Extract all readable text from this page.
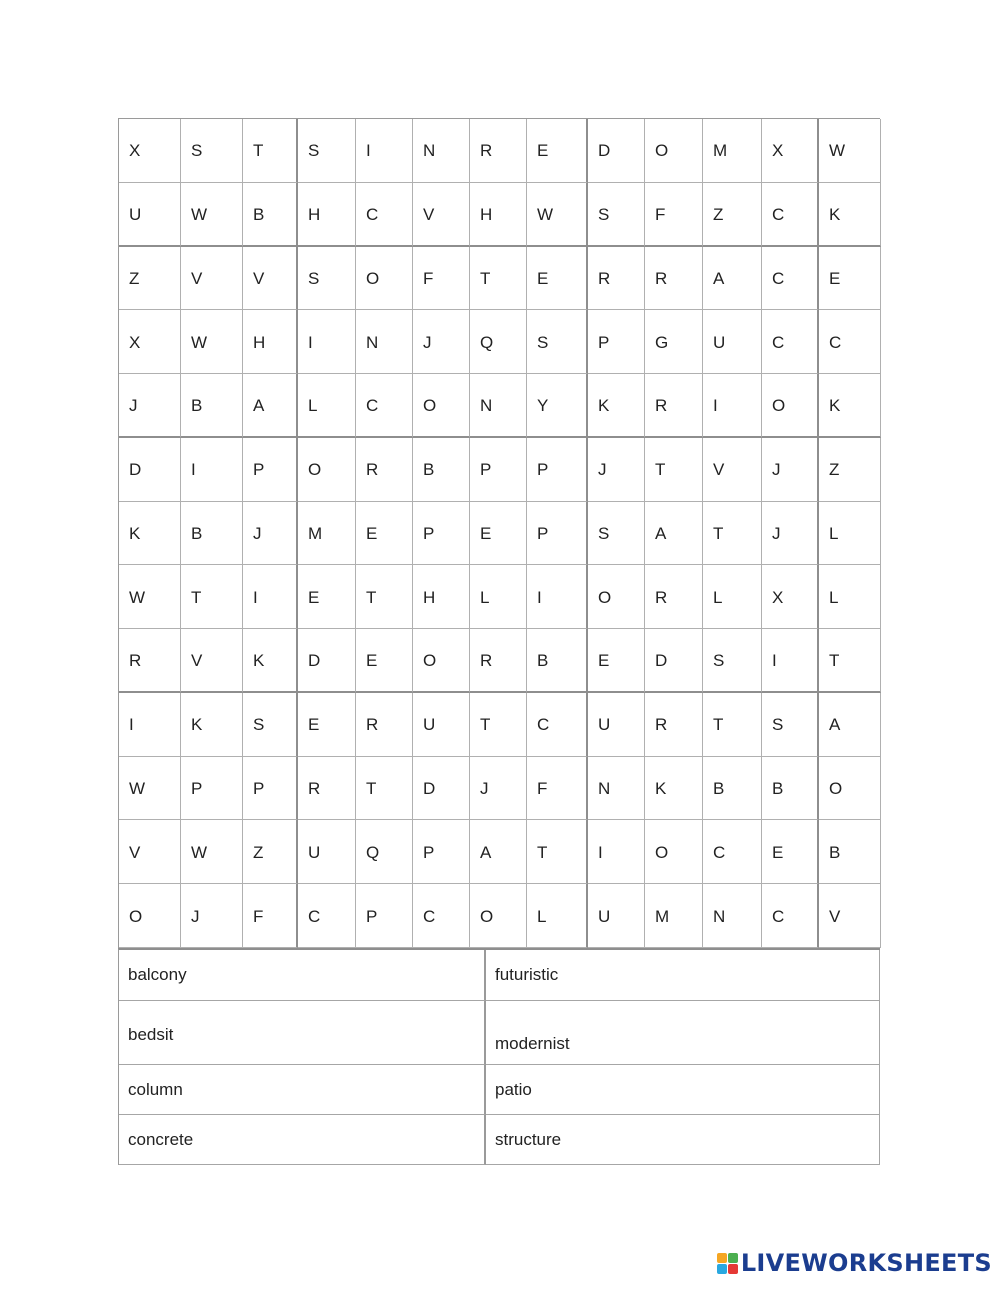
X	S	T	S	I	N	R	E	D	O	M	X	W
U	W	B	H	C	V	H	W	S	F	Z	C	K
Z	V	V	S	O	F	T	E	R	R	A	C	E
X	W	H	I	N	J	Q	S	P	G	U	C	C
J	B	A	L	C	O	N	Y	K	R	I	O	K
D	I	P	O	R	B	P	P	J	T	V	J	Z
K	B	J	M	E	P	E	P	S	A	T	J	L
W	T	I	E	T	H	L	I	O	R	L	X	L
R	V	K	D	E	O	R	B	E	D	S	I	T
I	K	S	E	R	U	T	C	U	R	T	S	A
W	P	P	R	T	D	J	F	N	K	B	B	O
V	W	Z	U	Q	P	A	T	I	O	C	E	B
O	J	F	C	P	C	O	L	U	M	N	C	V
balcony	futuristic
bedsit	modernist
column	patio
concrete	structure
LIVEWORKSHEETS
